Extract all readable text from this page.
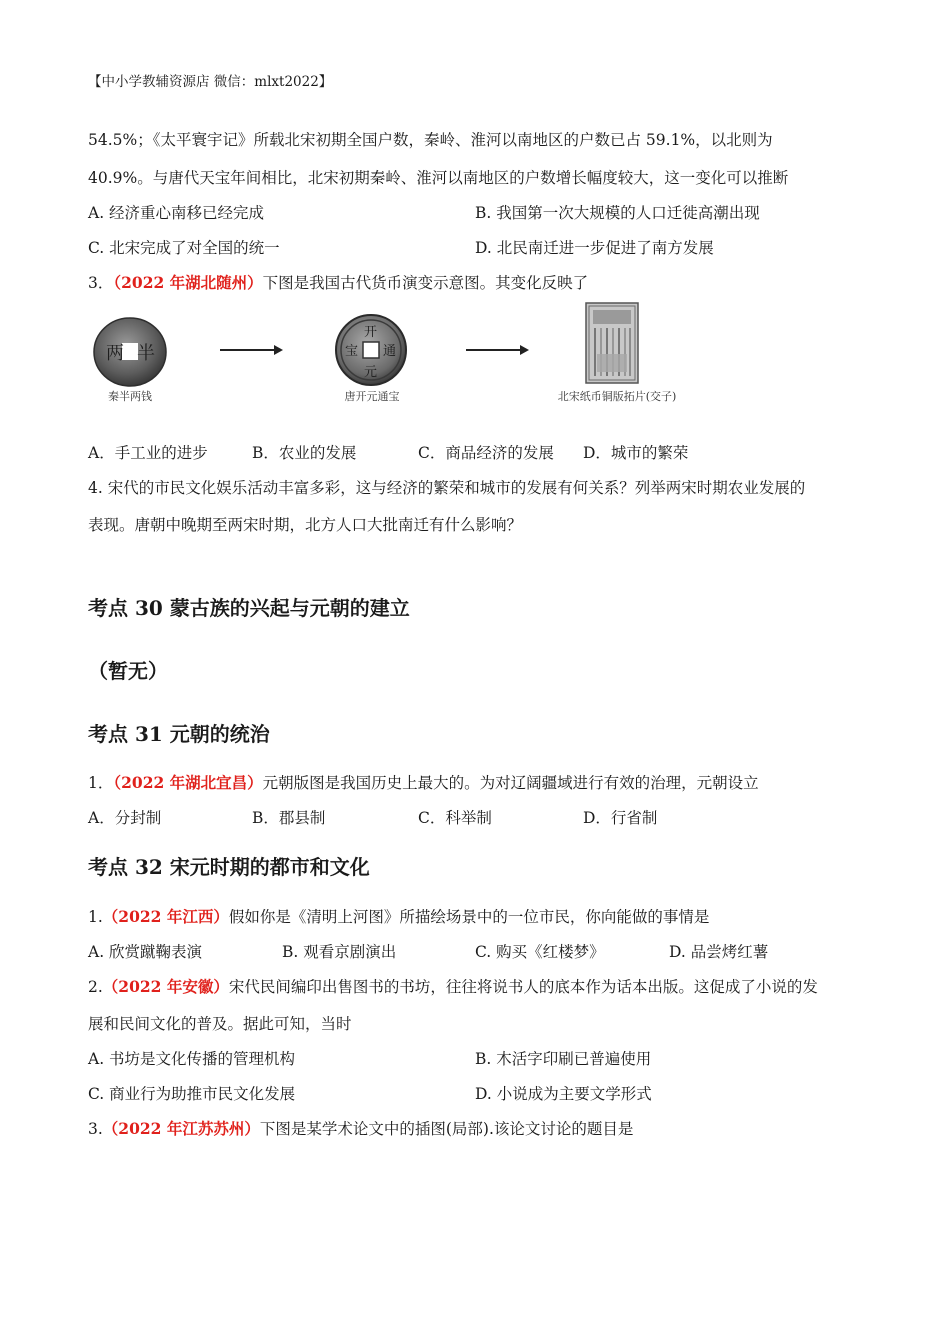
【中小学教辅资源店 微信：mlxt2022】
54.5%；《太平寰宇记》所载北宋初期全国户数，秦岭、淮河以南地区的户数已占 59.1%，以北则为
40.9%。与唐代天宝年间相比，北宋初期秦岭、淮河以南地区的户数增长幅度较大，这一变化可以推断
A. 经济重心南移已经完成	B. 我国第一次大规模的人口迁徙高潮出现
C. 北宋完成了对全国的统一	D. 北民南迁进一步促进了南方发展
3．（2022 年湖北随州）下图是我国古代货币演变示意图。其变化反映了
两 半
秦半两钱
开
元
通
宝
唐开元通宝	北宋纸币铜版拓片(交子)
A．手工业的进步	B．农业的发展	C．商品经济的发展 D．城市的繁荣
4. 宋代的市民文化娱乐活动丰富多彩，这与经济的繁荣和城市的发展有何关系？列举两宋时期农业发展的
表现。唐朝中晚期至两宋时期，北方人口大批南迁有什么影响？
考点 30 蒙古族的兴起与元朝的建立
（暂无）
考点 31 元朝的统治
1．（2022 年湖北宜昌）元朝版图是我国历史上最大的。为对辽阔疆域进行有效的治理，元朝设立
A．分封制	B．郡县制	C．科举制	D．行省制
考点 32 宋元时期的都市和文化
1.（2022 年江西）假如你是《清明上河图》所描绘场景中的一位市民，你向能做的事情是
A. 欣赏蹴鞠表演	B. 观看京剧演出	C. 购买《红楼梦》	D. 品尝烤红薯
2.（2022 年安徽）宋代民间编印出售图书的书坊，往往将说书人的底本作为话本出版。这促成了小说的发
展和民间文化的普及。据此可知，当时
A. 书坊是文化传播的管理机构	B. 木活字印刷已普遍使用
C. 商业行为助推市民文化发展	D. 小说成为主要文学形式
3.（2022 年江苏苏州）下图是某学术论文中的插图(局部).该论文讨论的题目是
